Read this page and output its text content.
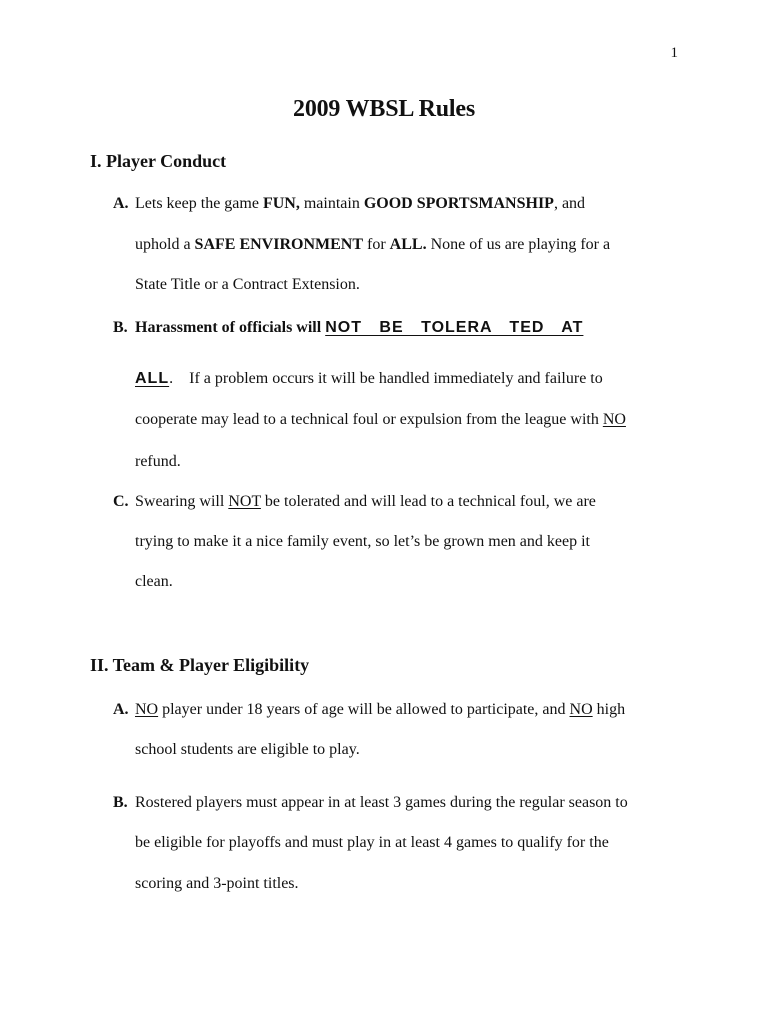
1
2009 WBSL Rules
I. Player Conduct
A. Lets keep the game FUN, maintain GOOD SPORTSMANSHIP, and
uphold a SAFE ENVIRONMENT for ALL. None of us are playing for a
State Title or a Contract Extension.
B. Harassment of officials will NOT BE TOLERA TED AT
ALL.    If a problem occurs it will be handled immediately and failure to
cooperate may lead to a technical foul or expulsion from the league with NO
refund.
C. Swearing will NOT be tolerated and will lead to a technical foul, we are
trying to make it a nice family event, so let’s be grown men and keep it
clean.
II. Team & Player Eligibility
A. NO player under 18 years of age will be allowed to participate, and NO high
school students are eligible to play.
B. Rostered players must appear in at least 3 games during the regular season to
be eligible for playoffs and must play in at least 4 games to qualify for the
scoring and 3-point titles.
